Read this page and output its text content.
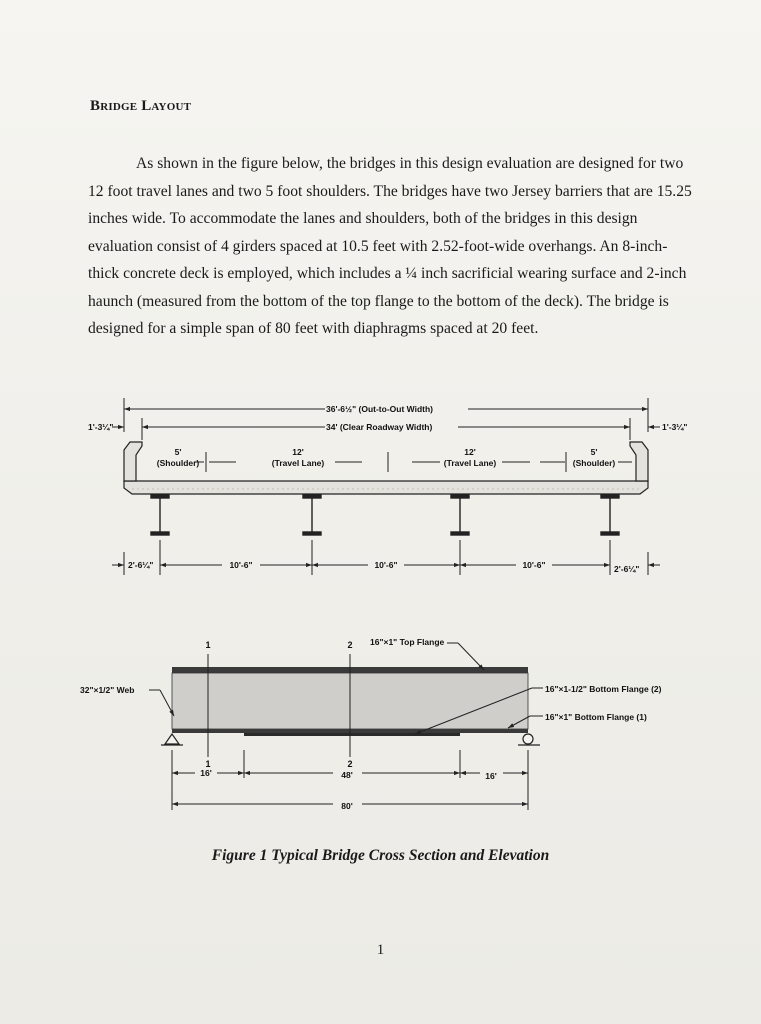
Bridge Layout

As shown in the figure below, the bridges in this design evaluation are designed for two 12 foot travel lanes and two 5 foot shoulders. The bridges have two Jersey barriers that are 15.25 inches wide. To accommodate the lanes and shoulders, both of the bridges in this design evaluation consist of 4 girders spaced at 10.5 feet with 2.52-foot-wide overhangs. An 8-inch-thick concrete deck is employed, which includes a ¼ inch sacrificial wearing surface and 2-inch haunch (measured from the bottom of the top flange to the bottom of the deck). The bridge is designed for a simple span of 80 feet with diaphragms spaced at 20 feet.

36'-6½" (Out-to-Out Width)
34' (Clear Roadway Width)
1'-3¼"	1'-3¼"
5'
(Shoulder)
12'
(Travel Lane)
12'
(Travel Lane)
5'
(Shoulder)
2'-6¼"	10'-6"	10'-6"	10'-6"	2'-6¼"
1	2
1	2
16"×1" Top Flange
32"×1/2" Web	16"×1-1/2" Bottom Flange (2)
16"×1" Bottom Flange (1)
16'	48'	16'
80'
Figure 1 Typical Bridge Cross Section and Elevation
1
